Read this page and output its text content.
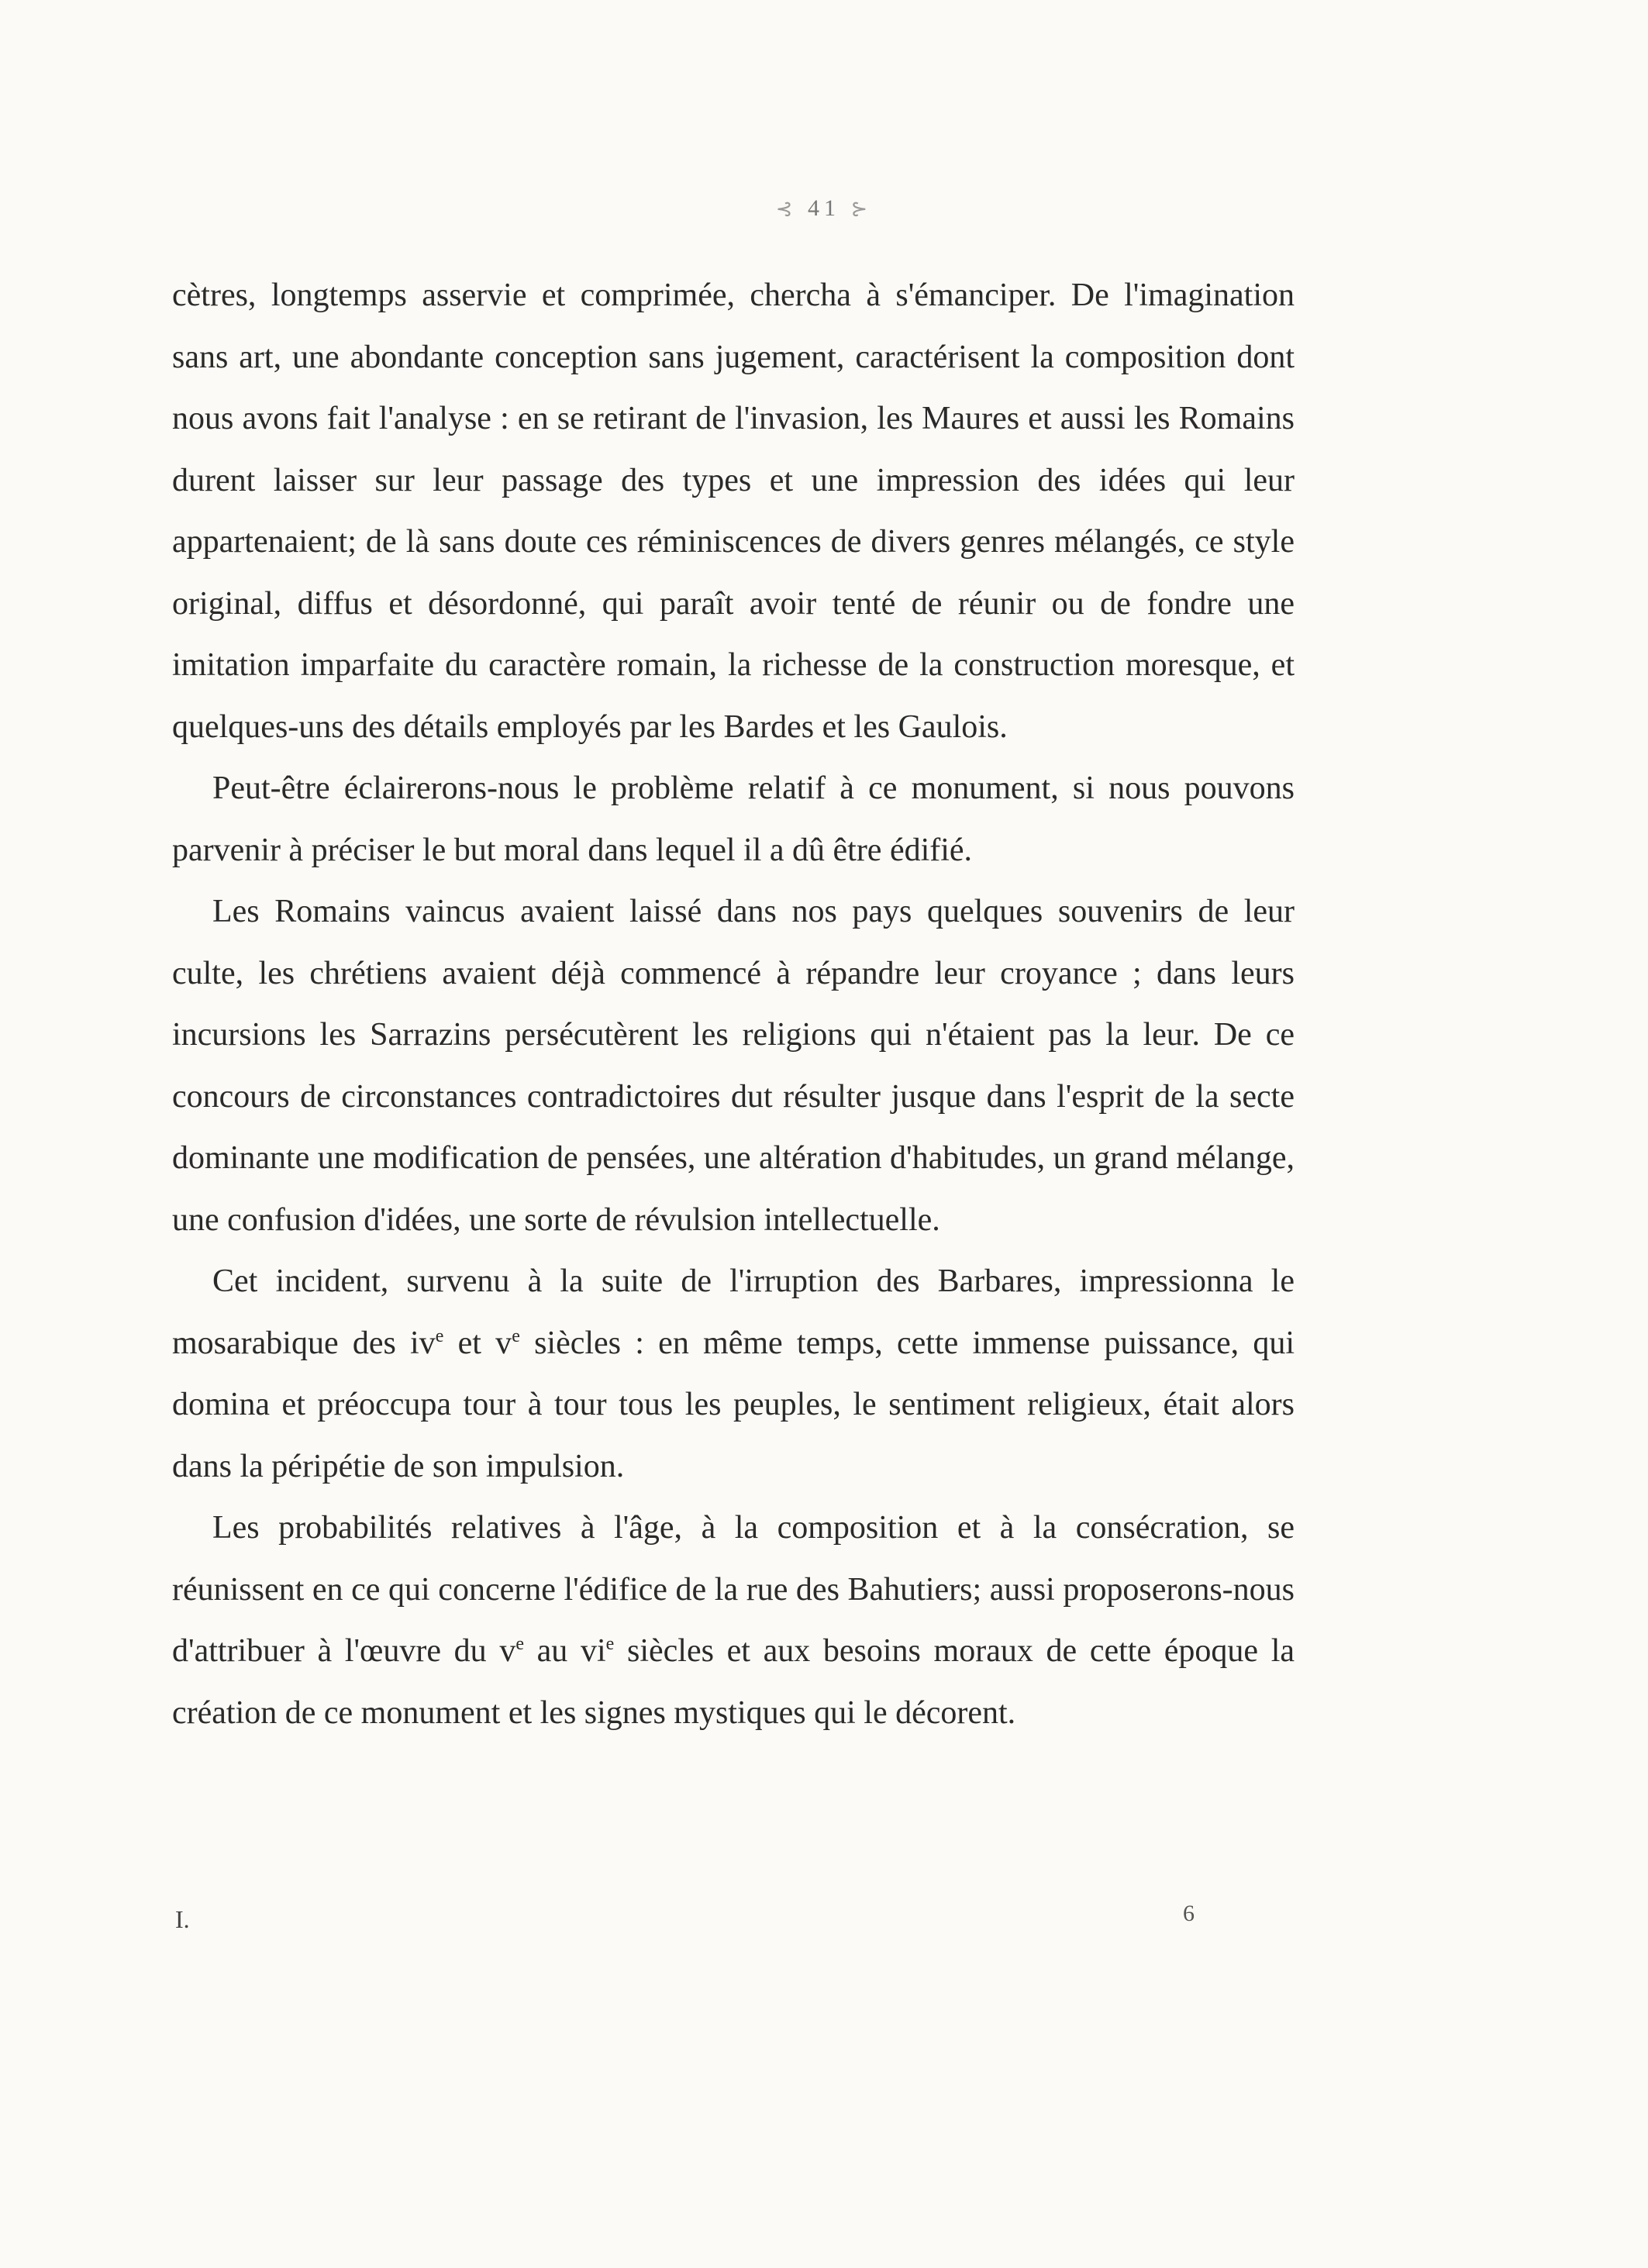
⊰ 41 ⊱

cètres, longtemps asservie et comprimée, chercha à s'émanciper. De l'imagination sans art, une abondante conception sans jugement, caractérisent la composition dont nous avons fait l'analyse : en se retirant de l'invasion, les Maures et aussi les Romains durent laisser sur leur passage des types et une impression des idées qui leur appartenaient; de là sans doute ces réminiscences de divers genres mélangés, ce style original, diffus et désordonné, qui paraît avoir tenté de réunir ou de fondre une imitation imparfaite du caractère romain, la richesse de la construction moresque, et quelques-uns des détails employés par les Bardes et les Gaulois.

Peut-être éclairerons-nous le problème relatif à ce monument, si nous pouvons parvenir à préciser le but moral dans lequel il a dû être édifié.

Les Romains vaincus avaient laissé dans nos pays quelques souvenirs de leur culte, les chrétiens avaient déjà commencé à répandre leur croyance ; dans leurs incursions les Sarrazins persécutèrent les religions qui n'étaient pas la leur. De ce concours de circonstances contradictoires dut résulter jusque dans l'esprit de la secte dominante une modification de pensées, une altération d'habitudes, un grand mélange, une confusion d'idées, une sorte de révulsion intellectuelle.

Cet incident, survenu à la suite de l'irruption des Barbares, impressionna le mosarabique des $iv^e$ et $v^e$ siècles : en même temps, cette immense puissance, qui domina et préoccupa tour à tour tous les peuples, le sentiment religieux, était alors dans la péripétie de son impulsion.

Les probabilités relatives à l'âge, à la composition et à la consécration, se réunissent en ce qui concerne l'édifice de la rue des Bahutiers; aussi proposerons-nous d'attribuer à l'œuvre du $v^e$ au $vi^e$ siècles et aux besoins moraux de cette époque la création de ce monument et les signes mystiques qui le décorent.

I.	6
